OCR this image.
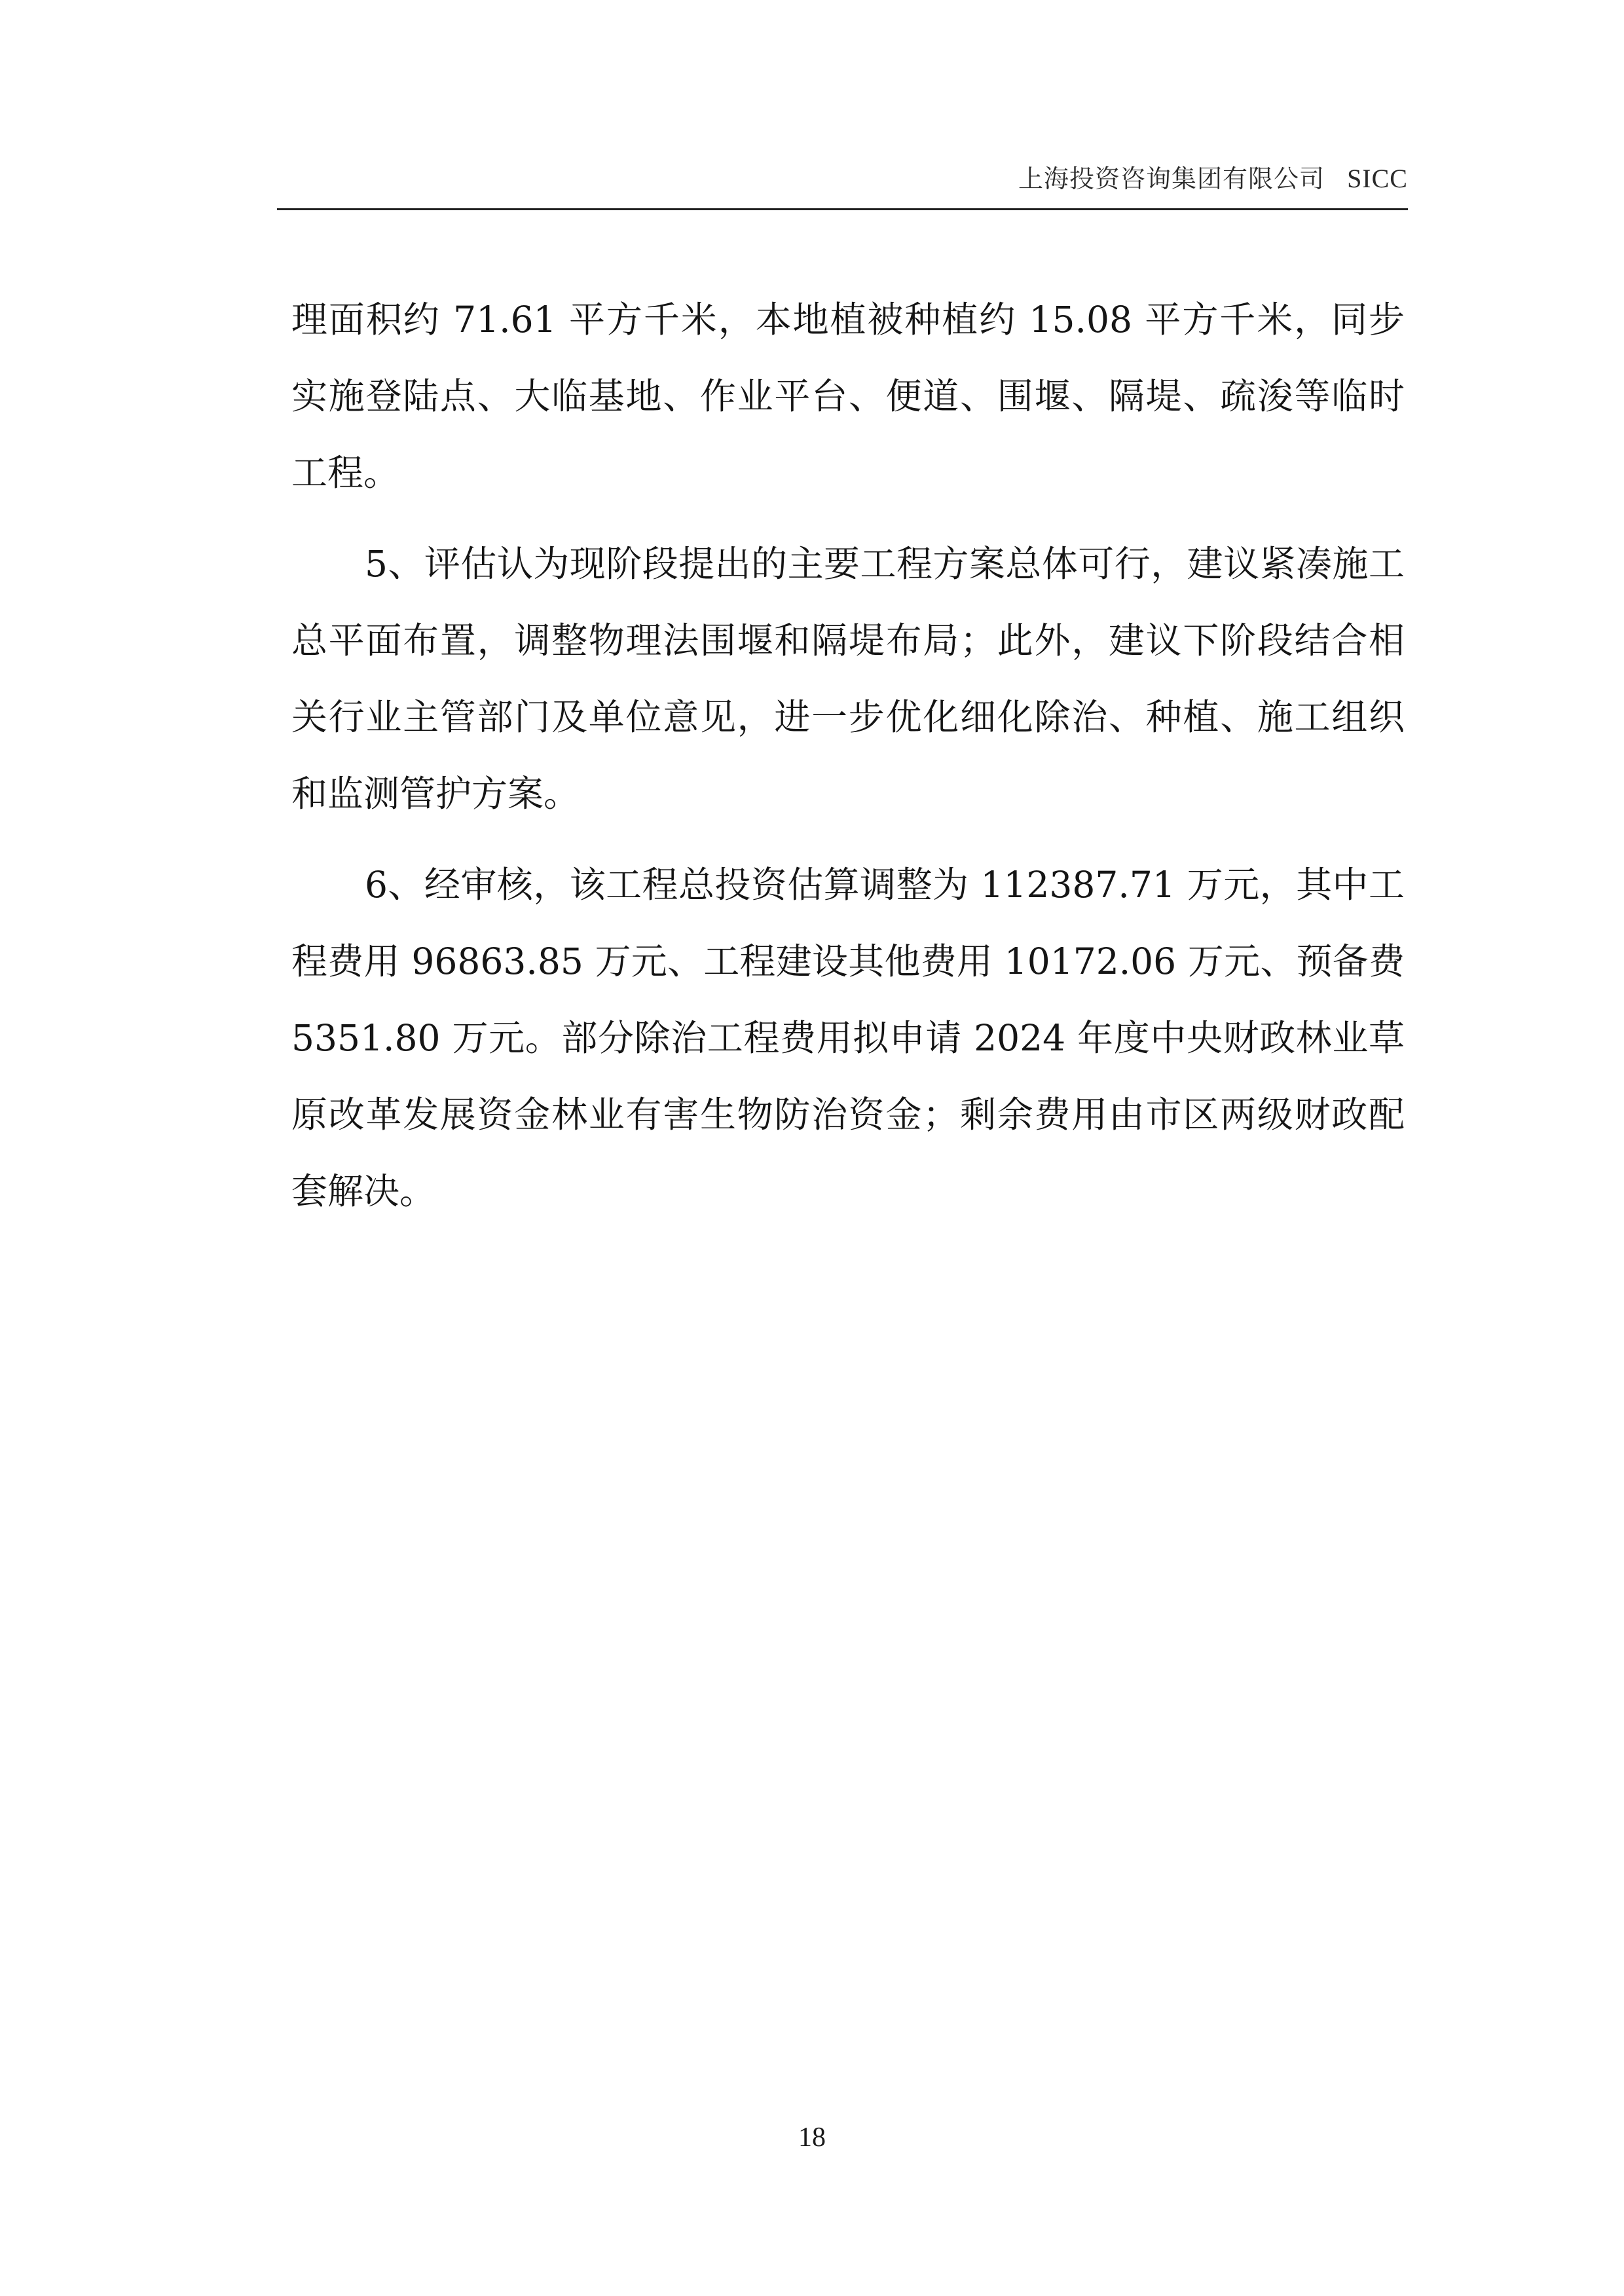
上海投资咨询集团有限公司 SICC

理面积约 71.61 平方千米，本地植被种植约 15.08 平方千米，同步实施登陆点、大临基地、作业平台、便道、围堰、隔堤、疏浚等临时工程。

5、评估认为现阶段提出的主要工程方案总体可行，建议紧凑施工总平面布置，调整物理法围堰和隔堤布局；此外，建议下阶段结合相关行业主管部门及单位意见，进一步优化细化除治、种植、施工组织和监测管护方案。

6、经审核，该工程总投资估算调整为 112387.71 万元，其中工程费用 96863.85 万元、工程建设其他费用 10172.06 万元、预备费 5351.80 万元。部分除治工程费用拟申请 2024 年度中央财政林业草原改革发展资金林业有害生物防治资金；剩余费用由市区两级财政配套解决。

18
